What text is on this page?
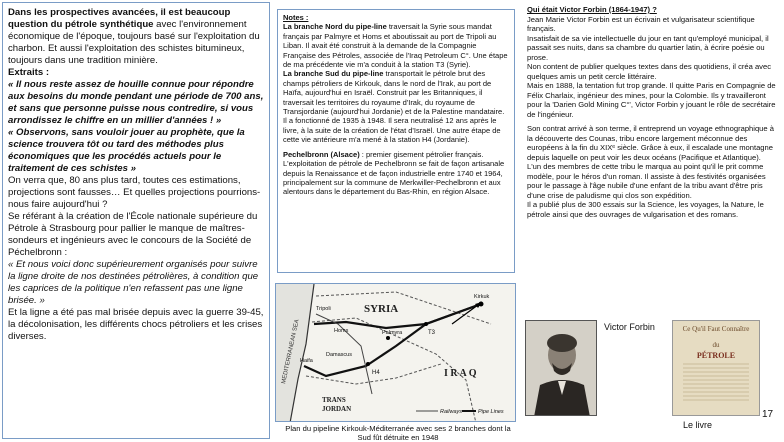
Dans les prospectives avancées, il est beaucoup question du pétrole synthétique avec l'environnement économique de l'époque, toujours basé sur l'exploitation du charbon. Et aussi l'exploitation des schistes bitumineux, toujours dans une tradition minière.

Extraits :

« Il nous reste assez de houille connue pour répondre aux besoins du monde pendant une période de 700 ans, et sans que personne puisse nous contredire, si vous arrondissez le chiffre en un millier d'années ! »

« Observons, sans vouloir jouer au prophète, que la science trouvera tôt ou tard des méthodes plus économiques que les procédés actuels pour le traitement de ces schistes »

On verra que, 80 ans plus tard, toutes ces estimations, projections sont fausses… Et quelles projections pourrions-nous faire aujourd'hui ?

Se référant à la création de l'École nationale supérieure du Pétrole à Strasbourg pour pallier le manque de maîtres-sondeurs et ingénieurs avec le concours de la Société de Péchelbronn :

« Et nous voici donc supérieurement organisés pour suivre la ligne droite de nos destinées pétrolières, à condition que les caprices de la politique n'en refassent pas une ligne brisée. »

Et la ligne a été pas mal brisée depuis avec la guerre 39-45, la décolonisation, les différents chocs pétroliers et les crises diverses.

Notes :

La branche Nord du pipe-line traversait la Syrie sous mandat français par Palmyre et Homs et aboutissait au port de Tripoli au Liban. Il avait été construit à la demande de la Compagnie Française des Pétroles, associée de l'Iraq Petroleum C°. Une étape de ma précédente vie m'a conduit à la station T3 (Syrie).

La branche Sud du pipe-line transportait le pétrole brut des champs pétroliers de Kirkouk, dans le nord de l'Irak, au port de Haïfa, aujourd'hui en Israël. Construit par les Britanniques, il traversait les territoires du royaume d'Irak, du royaume de Transjordanie (aujourd'hui Jordanie) et de la Palestine mandataire. Il a fonctionné de 1935 à 1948. Il sera neutralisé 12 ans après le livre, à la suite de la création de l'état d'Israël. Une autre étape de cette vie antérieure m'a mené à la station H4 (Jordanie).

Pechelbronn (Alsace) : premier gisement pétrolier français. L'exploitation de pétrole de Pechelbronn se fait de façon artisanale depuis la Renaissance et de façon industrielle entre 1740 et 1964, principalement sur la commune de Merkwiller-Pechelbronn et aux alentours dans le département du Bas-Rhin, en région Alsace.

SYRIA
I R A Q
TRANS
JORDAN
MEDITERRANEAN SEA
Tripoli
Homs	Palmyra
Haifa
Damascus
Kirkuk
T3
H4
Railways	Pipe Lines
Plan du pipeline Kirkouk-Méditerranée avec ses 2 branches dont la Sud fût détruite en 1948

Qui était Victor Forbin (1864-1947) ?

Jean Marie Victor Forbin est un écrivain et vulgarisateur scientifique français.

Insatisfait de sa vie intellectuelle du jour en tant qu'employé municipal, il passait ses nuits, dans sa chambre du quartier latin, à écrire poésie ou prose.

Non content de publier quelques textes dans des quotidiens, il créa avec quelques amis un petit cercle littéraire.

Mais en 1888, la tentation fut trop grande. Il quitte Paris en Compagnie de Félix Charlaix, ingénieur des mines, pour la Colombie. Ils y travailleront pour la 'Darien Gold Mining C°', Victor Forbin y jouant le rôle de secrétaire de l'ingénieur.

Son contrat arrivé à son terme, il entreprend un voyage ethnographique à la découverte des Counas, tribu encore largement méconnue des européens à la fin du XIXᵉ siècle. Grâce à eux, il escalade une montagne depuis laquelle on peut voir les deux océans (Pacifique et Atlantique). L'un des membres de cette tribu le marqua au point qu'il le prit comme modèle, pour le héros d'un roman. Il assiste à des festivités organisées pour le passage à l'âge nubile d'une enfant de la tribu avant d'être pris d'une crise de paludisme qui clos son expédition.

Il a publié plus de 300 essais sur la Science, les voyages, la Nature, le pétrole ainsi que des ouvrages de vulgarisation et des romans.

Victor Forbin	Ce Qu'il Faut Connaître
du
PÉTROLE
Le livre
17
